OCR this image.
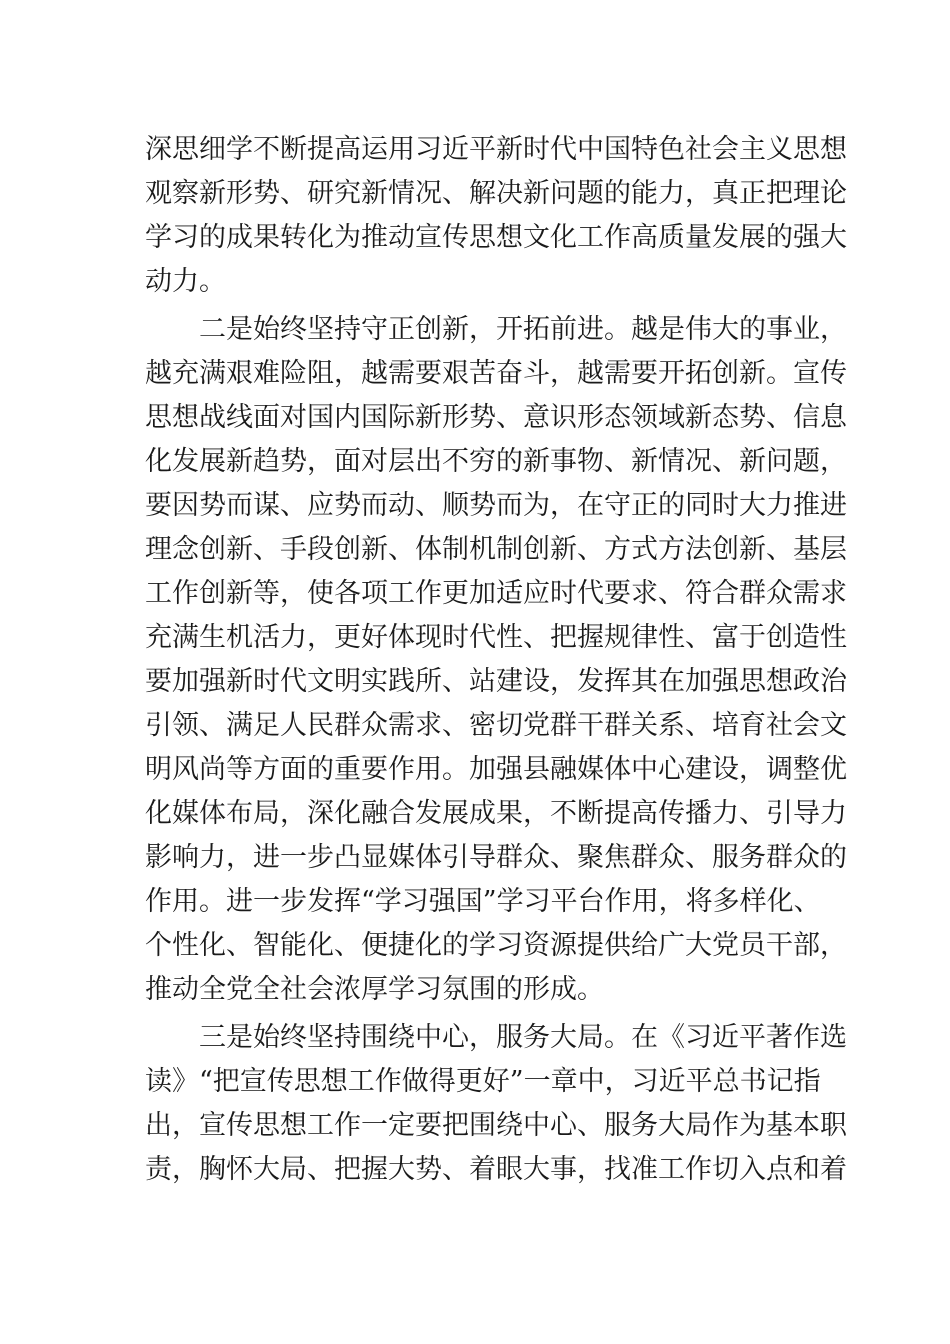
深思细学不断提高运用习近平新时代中国特色社会主义思想
观察新形势、研究新情况、解决新问题的能力，真正把理论
学习的成果转化为推动宣传思想文化工作高质量发展的强大
动力。
二是始终坚持守正创新，开拓前进。越是伟大的事业，
越充满艰难险阻，越需要艰苦奋斗，越需要开拓创新。宣传
思想战线面对国内国际新形势、意识形态领域新态势、信息
化发展新趋势，面对层出不穷的新事物、新情况、新问题，
要因势而谋、应势而动、顺势而为，在守正的同时大力推进
理念创新、手段创新、体制机制创新、方式方法创新、基层
工作创新等，使各项工作更加适应时代要求、符合群众需求
充满生机活力，更好体现时代性、把握规律性、富于创造性
要加强新时代文明实践所、站建设，发挥其在加强思想政治
引领、满足人民群众需求、密切党群干群关系、培育社会文
明风尚等方面的重要作用。加强县融媒体中心建设，调整优
化媒体布局，深化融合发展成果，不断提高传播力、引导力
影响力，进一步凸显媒体引导群众、聚焦群众、服务群众的
作用。进一步发挥“学习强国”学习平台作用，将多样化、
个性化、智能化、便捷化的学习资源提供给广大党员干部，
推动全党全社会浓厚学习氛围的形成。
三是始终坚持围绕中心，服务大局。在《习近平著作选
读》“把宣传思想工作做得更好”一章中，习近平总书记指
出，宣传思想工作一定要把围绕中心、服务大局作为基本职
责，胸怀大局、把握大势、着眼大事，找准工作切入点和着
